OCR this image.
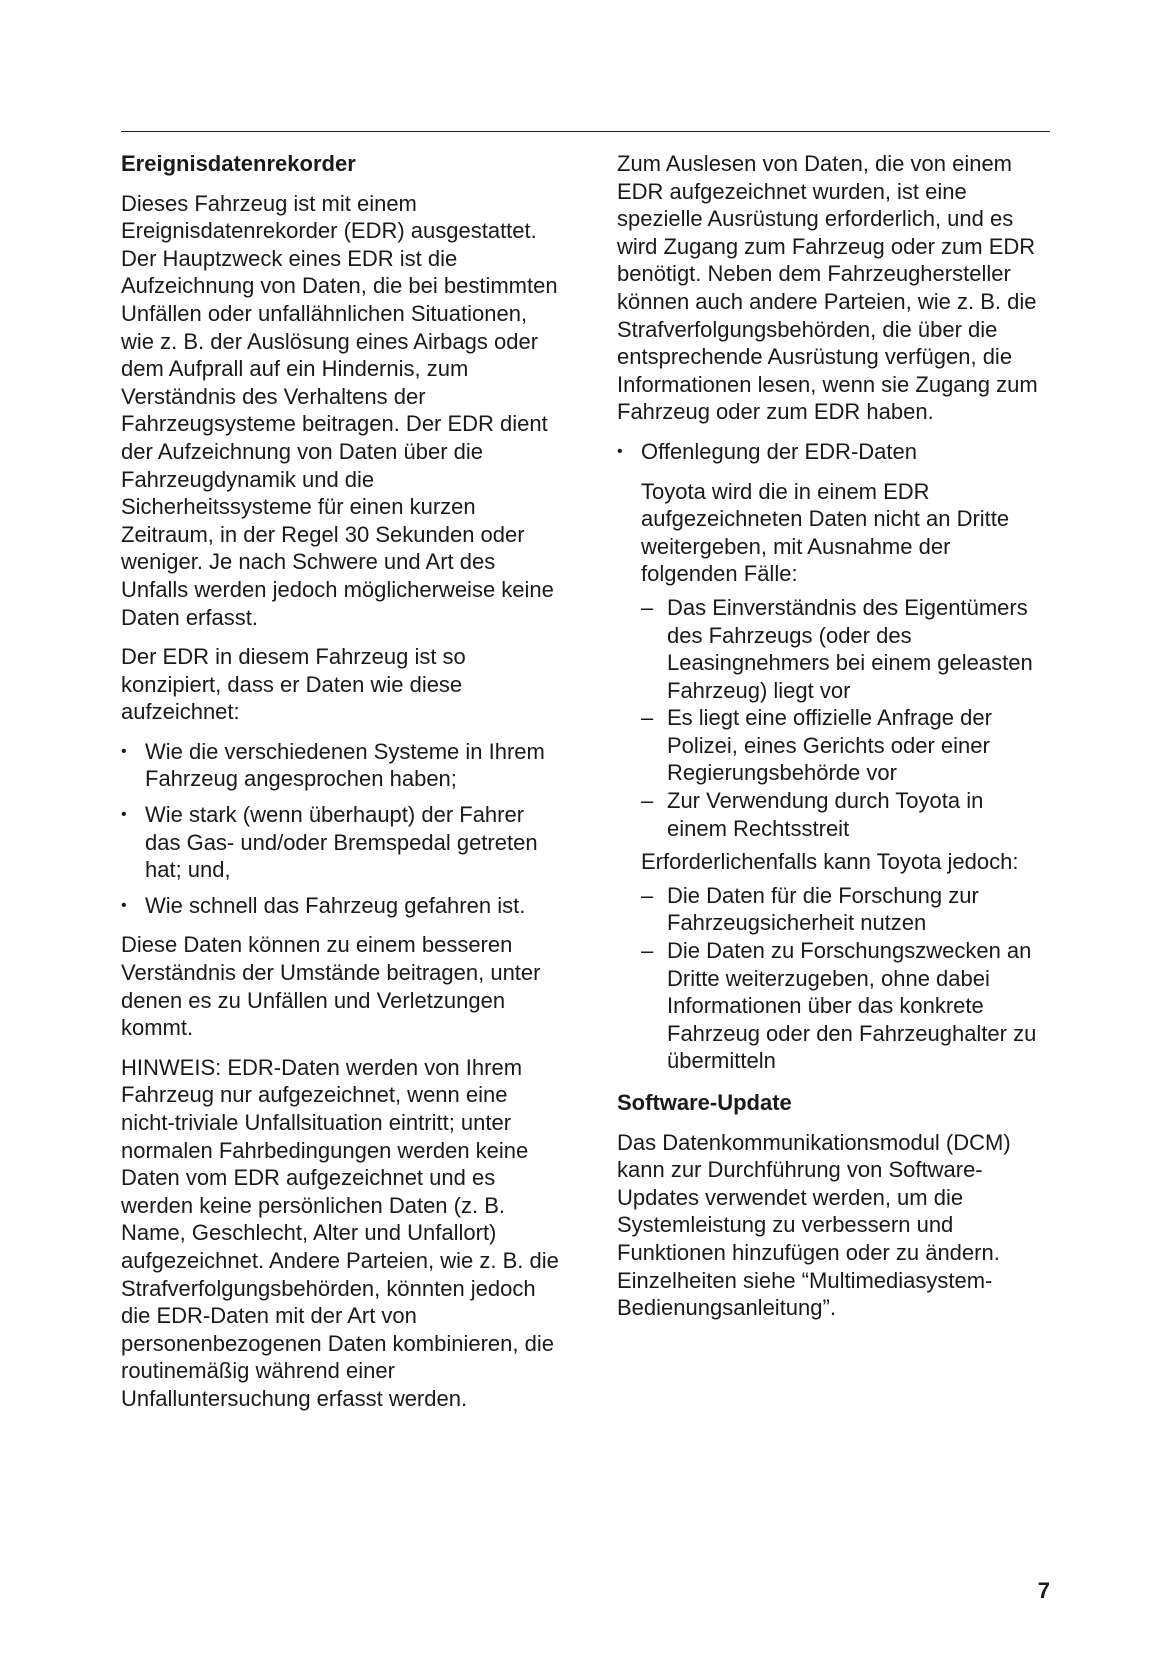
Ereignisdatenrekorder
Dieses Fahrzeug ist mit einem Ereignisdatenrekorder (EDR) ausgestattet. Der Hauptzweck eines EDR ist die Aufzeichnung von Daten, die bei bestimmten Unfällen oder unfallähnlichen Situationen, wie z. B. der Auslösung eines Airbags oder dem Aufprall auf ein Hindernis, zum Verständnis des Verhaltens der Fahrzeugsysteme beitragen. Der EDR dient der Aufzeichnung von Daten über die Fahrzeugdynamik und die Sicherheitssysteme für einen kurzen Zeitraum, in der Regel 30 Sekunden oder weniger. Je nach Schwere und Art des Unfalls werden jedoch möglicherweise keine Daten erfasst.
Der EDR in diesem Fahrzeug ist so konzipiert, dass er Daten wie diese aufzeichnet:
• Wie die verschiedenen Systeme in Ihrem Fahrzeug angesprochen haben;
• Wie stark (wenn überhaupt) der Fahrer das Gas- und/oder Bremspedal getreten hat; und,
• Wie schnell das Fahrzeug gefahren ist.
Diese Daten können zu einem besseren Verständnis der Umstände beitragen, unter denen es zu Unfällen und Verletzungen kommt.
HINWEIS: EDR-Daten werden von Ihrem Fahrzeug nur aufgezeichnet, wenn eine nicht-triviale Unfallsituation eintritt; unter normalen Fahrbedingungen werden keine Daten vom EDR aufgezeichnet und es werden keine persönlichen Daten (z. B. Name, Geschlecht, Alter und Unfallort) aufgezeichnet. Andere Parteien, wie z. B. die Strafverfolgungsbehörden, könnten jedoch die EDR-Daten mit der Art von personenbezogenen Daten kombinieren, die routinemäßig während einer Unfalluntersuchung erfasst werden.
Zum Auslesen von Daten, die von einem EDR aufgezeichnet wurden, ist eine spezielle Ausrüstung erforderlich, und es wird Zugang zum Fahrzeug oder zum EDR benötigt. Neben dem Fahrzeughersteller können auch andere Parteien, wie z. B. die Strafverfolgungsbehörden, die über die entsprechende Ausrüstung verfügen, die Informationen lesen, wenn sie Zugang zum Fahrzeug oder zum EDR haben.
• Offenlegung der EDR-Daten
Toyota wird die in einem EDR aufgezeichneten Daten nicht an Dritte weitergeben, mit Ausnahme der folgenden Fälle:
– Das Einverständnis des Eigentümers des Fahrzeugs (oder des Leasingnehmers bei einem geleasten Fahrzeug) liegt vor
– Es liegt eine offizielle Anfrage der Polizei, eines Gerichts oder einer Regierungsbehörde vor
– Zur Verwendung durch Toyota in einem Rechtsstreit
Erforderlichenfalls kann Toyota jedoch:
– Die Daten für die Forschung zur Fahrzeugsicherheit nutzen
– Die Daten zu Forschungszwecken an Dritte weiterzugeben, ohne dabei Informationen über das konkrete Fahrzeug oder den Fahrzeughalter zu übermitteln
Software-Update
Das Datenkommunikationsmodul (DCM) kann zur Durchführung von Software-Updates verwendet werden, um die Systemleistung zu verbessern und Funktionen hinzufügen oder zu ändern. Einzelheiten siehe “Multimediasystem-Bedienungsanleitung”.
7
